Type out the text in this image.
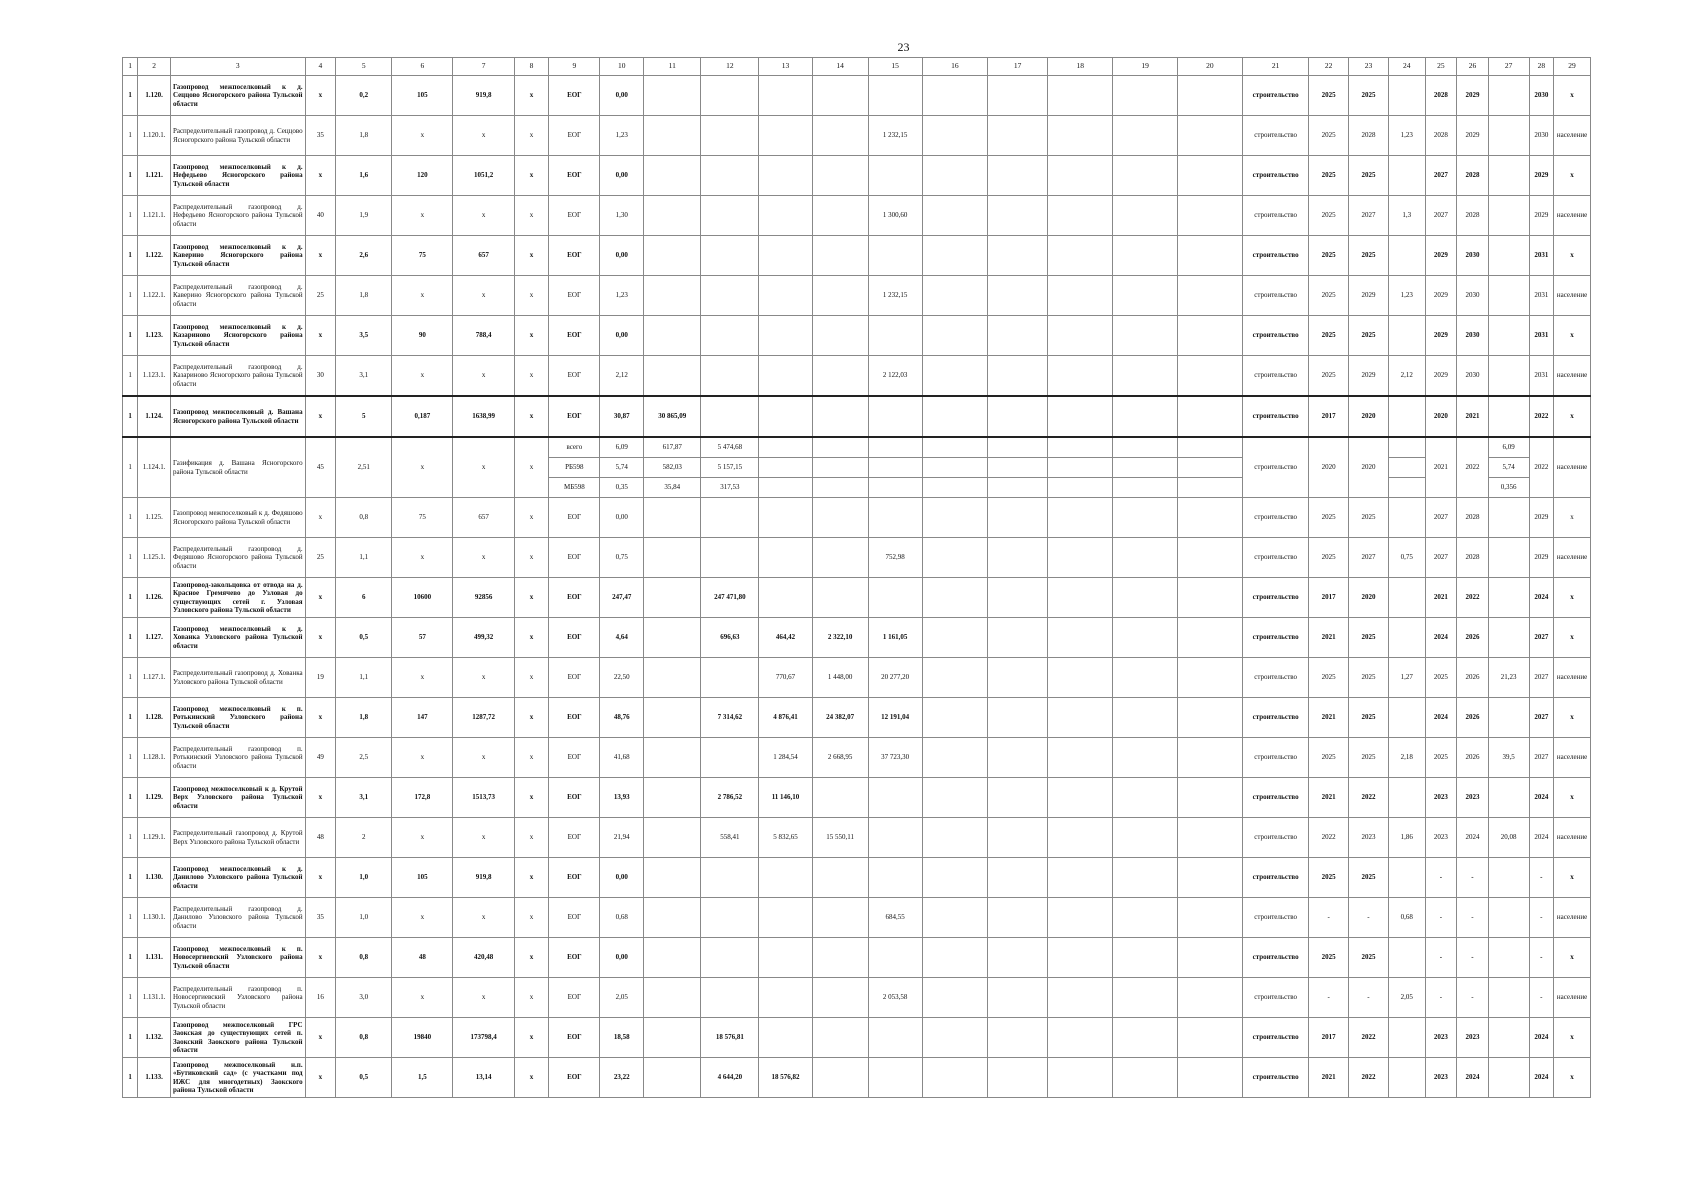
23
1	2	3	4	5	6	7	8	9	10	11	12	13	14	15	16	17	18	19	20	21	22	23	24	25	26	27	28	29
1	1.120.	Газопровод межпоселковый к д. Сеццово Ясногорского района Тульской области	х	0,2	105	919,8	х	ЕОГ	0,00											строительство	2025	2025		2028	2029		2030	х
1	1.120.1.	Распределительный газопровод д. Сеццово Ясногорского района Тульской области	35	1,8	х	х	х	ЕОГ	1,23					1 232,15						строительство	2025	2028	1,23	2028	2029		2030	население
1	1.121.	Газопровод межпоселковый к д. Нефедьево Ясногорского района Тульской области	х	1,6	120	1051,2	х	ЕОГ	0,00											строительство	2025	2025		2027	2028		2029	х
1	1.121.1.	Распределительный газопровод д. Нефедьево Ясногорского района Тульской области	40	1,9	х	х	х	ЕОГ	1,30					1 300,60						строительство	2025	2027	1,3	2027	2028		2029	население
1	1.122.	Газопровод межпоселковый к д. Каверино Ясногорского района Тульской области	х	2,6	75	657	х	ЕОГ	0,00											строительство	2025	2025		2029	2030		2031	х
1	1.122.1.	Распределительный газопровод д. Каверино Ясногорского района Тульской области	25	1,8	х	х	х	ЕОГ	1,23					1 232,15						строительство	2025	2029	1,23	2029	2030		2031	население
1	1.123.	Газопровод межпоселковый к д. Казариново Ясногорского района Тульской области	х	3,5	90	788,4	х	ЕОГ	0,00											строительство	2025	2025		2029	2030		2031	х
1	1.123.1.	Распределительный газопровод д. Казариново Ясногорского района Тульской области	30	3,1	х	х	х	ЕОГ	2,12					2 122,03						строительство	2025	2029	2,12	2029	2030		2031	население
1	1.124.	Газопровод межпоселковый д. Вашана Ясногорского района Тульской области	х	5	0,187	1638,99	х	ЕОГ	30,87	30 865,09										строительство	2017	2020		2020	2021		2022	х
1	1.124.1.	Газификация д. Вашана Ясногорского района Тульской области	45	2,51	х	х	х	всего	6,09	617,87	5 474,68									строительство	2020	2020		2021	2022	6,09	2022	население
								РБ598	5,74	582,03	5 157,15															5,74		
								МБ598	0,35	35,84	317,53															0,356		
1	1.125.	Газопровод межпоселковый к д. Федяшово Ясногорского района Тульской области	х	0,8	75	657	х	ЕОГ	0,00											строительство	2025	2025		2027	2028		2029	х
1	1.125.1.	Распределительный газопровод д. Федяшово Ясногорского района Тульской области	25	1,1	х	х	х	ЕОГ	0,75					752,98						строительство	2025	2027	0,75	2027	2028		2029	население
1	1.126.	Газопровод-закольцовка от отвода на д. Красное Гремячево до Узловая до существующих сетей г. Узловая Узловского района Тульской области	х	6	10600	92856	х	ЕОГ	247,47		247 471,80									строительство	2017	2020		2021	2022		2024	х
1	1.127.	Газопровод межпоселковый к д. Хованка Узловского района Тульской области	х	0,5	57	499,32	х	ЕОГ	4,64		696,63	464,42	2 322,10	1 161,05						строительство	2021	2025		2024	2026		2027	х
1	1.127.1.	Распределительный газопровод д. Хованка Узловского района Тульской области	19	1,1	х	х	х	ЕОГ	22,50			770,67	1 448,00	20 277,20						строительство	2025	2025	1,27	2025	2026	21,23	2027	население
1	1.128.	Газопровод межпоселковый к п. Ротькинский Узловского района Тульской области	х	1,8	147	1287,72	х	ЕОГ	48,76		7 314,62	4 876,41	24 382,07	12 191,04						строительство	2021	2025		2024	2026		2027	х
1	1.128.1.	Распределительный газопровод п. Ротькинский Узловского района Тульской области	49	2,5	х	х	х	ЕОГ	41,68			1 284,54	2 668,95	37 723,30						строительство	2025	2025	2,18	2025	2026	39,5	2027	население
1	1.129.	Газопровод межпоселковый к д. Крутой Верх Узловского района Тульской области	х	3,1	172,8	1513,73	х	ЕОГ	13,93		2 786,52	11 146,10								строительство	2021	2022		2023	2023		2024	х
1	1.129.1.	Распределительный газопровод д. Крутой Верх Узловского района Тульской области	48	2	х	х	х	ЕОГ	21,94		558,41	5 832,65	15 550,11							строительство	2022	2023	1,86	2023	2024	20,08	2024	население
1	1.130.	Газопровод межпоселковый к д. Данилово Узловского района Тульской области	х	1,0	105	919,8	х	ЕОГ	0,00											строительство	2025	2025		-	-		-	х
1	1.130.1.	Распределительный газопровод д. Данилово Узловского района Тульской области	35	1,0	х	х	х	ЕОГ	0,68					684,55						строительство	-	-	0,68	-	-		-	население
1	1.131.	Газопровод межпоселковый к п. Новосергиевский Узловского района Тульской области	х	0,8	48	420,48	х	ЕОГ	0,00											строительство	2025	2025		-	-		-	х
1	1.131.1.	Распределительный газопровод п. Новосергиевский Узловского района Тульской области	16	3,0	х	х	х	ЕОГ	2,05					2 053,58						строительство	-	-	2,05	-	-		-	население
1	1.132.	Газопровод межпоселковый ГРС Заокская до существующих сетей п. Заокский Заокского района Тульской области	х	0,8	19840	173798,4	х	ЕОГ	18,58		18 576,81									строительство	2017	2022		2023	2023		2024	х
1	1.133.	Газопровод межпоселковый н.п. «Бутиковский сад» (с участками под ИЖС для многодетных) Заокского района Тульской области	х	0,5	1,5	13,14	х	ЕОГ	23,22		4 644,20	18 576,82								строительство	2021	2022		2023	2024		2024	х
